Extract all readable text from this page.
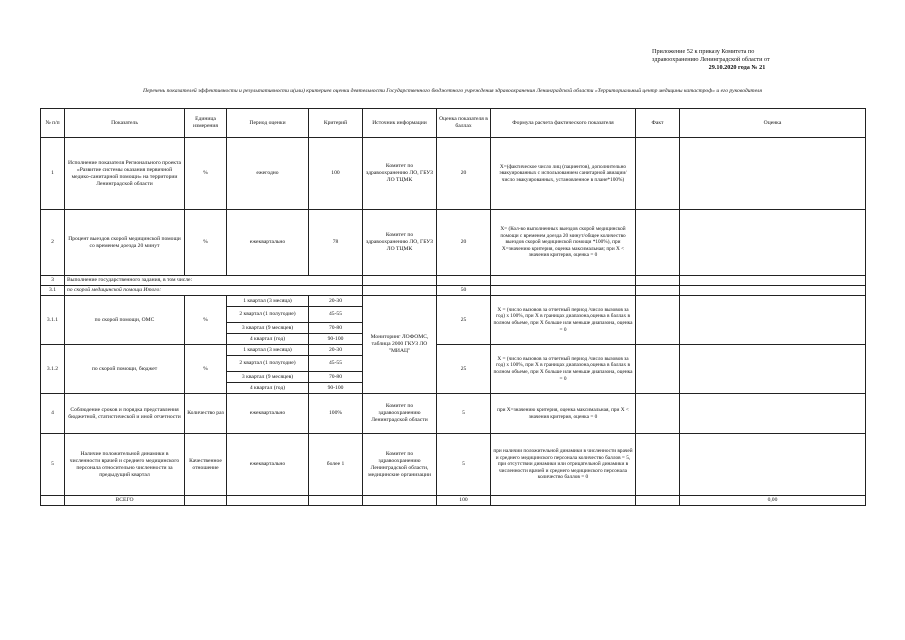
Приложение 52 к приказу Комитета по
здравоохранению Ленинградской области от
29.10.2020 года № 21
Перечень показателей эффективности и результативности и(или) критериев оценки деятельности Государственного бюджетного учреждения здравоохранения Ленинградской области «Территориальный центр медицины катастроф» и его руководителя
№ п/п	Показатель	Единица измерения	Период оценки	Критерий	Источник информации	Оценка показателя в баллах	Формула расчета фактического показателя	Факт	Оценка
1	Исполнение показателя Регионального проекта «Развитие системы оказания первичной медико-санитарной помощи» на территории Ленинградской области	%	ежегодно	100	Комитет по здравоохранению ЛО, ГБУЗ ЛО ТЦМК	20	Х=(фактическое число лиц (пациентов), дополнительно эвакуированных с использованием санитарной авиации/ число эвакуированных, установленное в плане*100%)		
2	Процент выездов скорой медицинской помощи со временем доезда 20 минут	%	ежеквартально	78	Комитет по здравоохранению ЛО, ГБУЗ ЛО ТЦМК	20	Х= (Кол-во выполненных выездов скорой медицинской помощи с временем доезда 20 минут/общее количество выездов скорой медицинской помощи *100%), при Х=значению критерия, оценка максимальная; при Х < значения критерия, оценка = 0		
3	Выполнение государственного задания, в том числе:								
3.1	по скорой медицинской помощи Итого:					50			
3.1.1	по скорой помощи, ОМС	%	1 квартал (3 месяца)	20-30	Мониторинг ЛОФОМС, таблица 2000 ГКУЗ ЛО "МИАЦ"	25	Х = (число вызовов за отчетный период /число вызовов за год) х 100%, при Х в границах диапазона,оценка в баллах в полном объеме, при Х больше или меньше диапазона, оценка = 0		
			2 квартал (1 полугодие)	45-55					
			3 квартал (9 месяцев)	70-80					
			4 квартал (год)	90-100					
3.1.2	по скорой помощи, бюджет	%	1 квартал (3 месяца)	20-30		25	Х = (число вызовов за отчетный период /число вызовов за год) х 100%, при Х в границах диапазона,оценка в баллах в полном объеме, при Х больше или меньше диапазона, оценка = 0		
			2 квартал (1 полугодие)	45-55					
			3 квартал (9 месяцев)	70-80					
			4 квартал (год)	90-100					
4	Соблюдение сроков и порядка представления бюджетной, статистической и иной отчетности	Количество раз	ежеквартально	100%	Комитет по здравоохранению Ленинградской области	5	при Х=значению критерия, оценка максимальная, при Х < значения критерия, оценка = 0		
5	Наличие положительной динамики в численности врачей и среднего медицинского персонала относительно численности за предыдущий квартал	Качественное отношение	ежеквартально	более 1	Комитет по здравоохранению Ленинградской области, медицинские организации	5	при наличии положительной динамики в численности врачей и среднего медицинского персонала количество баллов = 5, при отсутствии динамики или отрицательной динамики в численности врачей и среднего медицинского персонала количество баллов = 0		
	ВСЕГО					100			0,00
